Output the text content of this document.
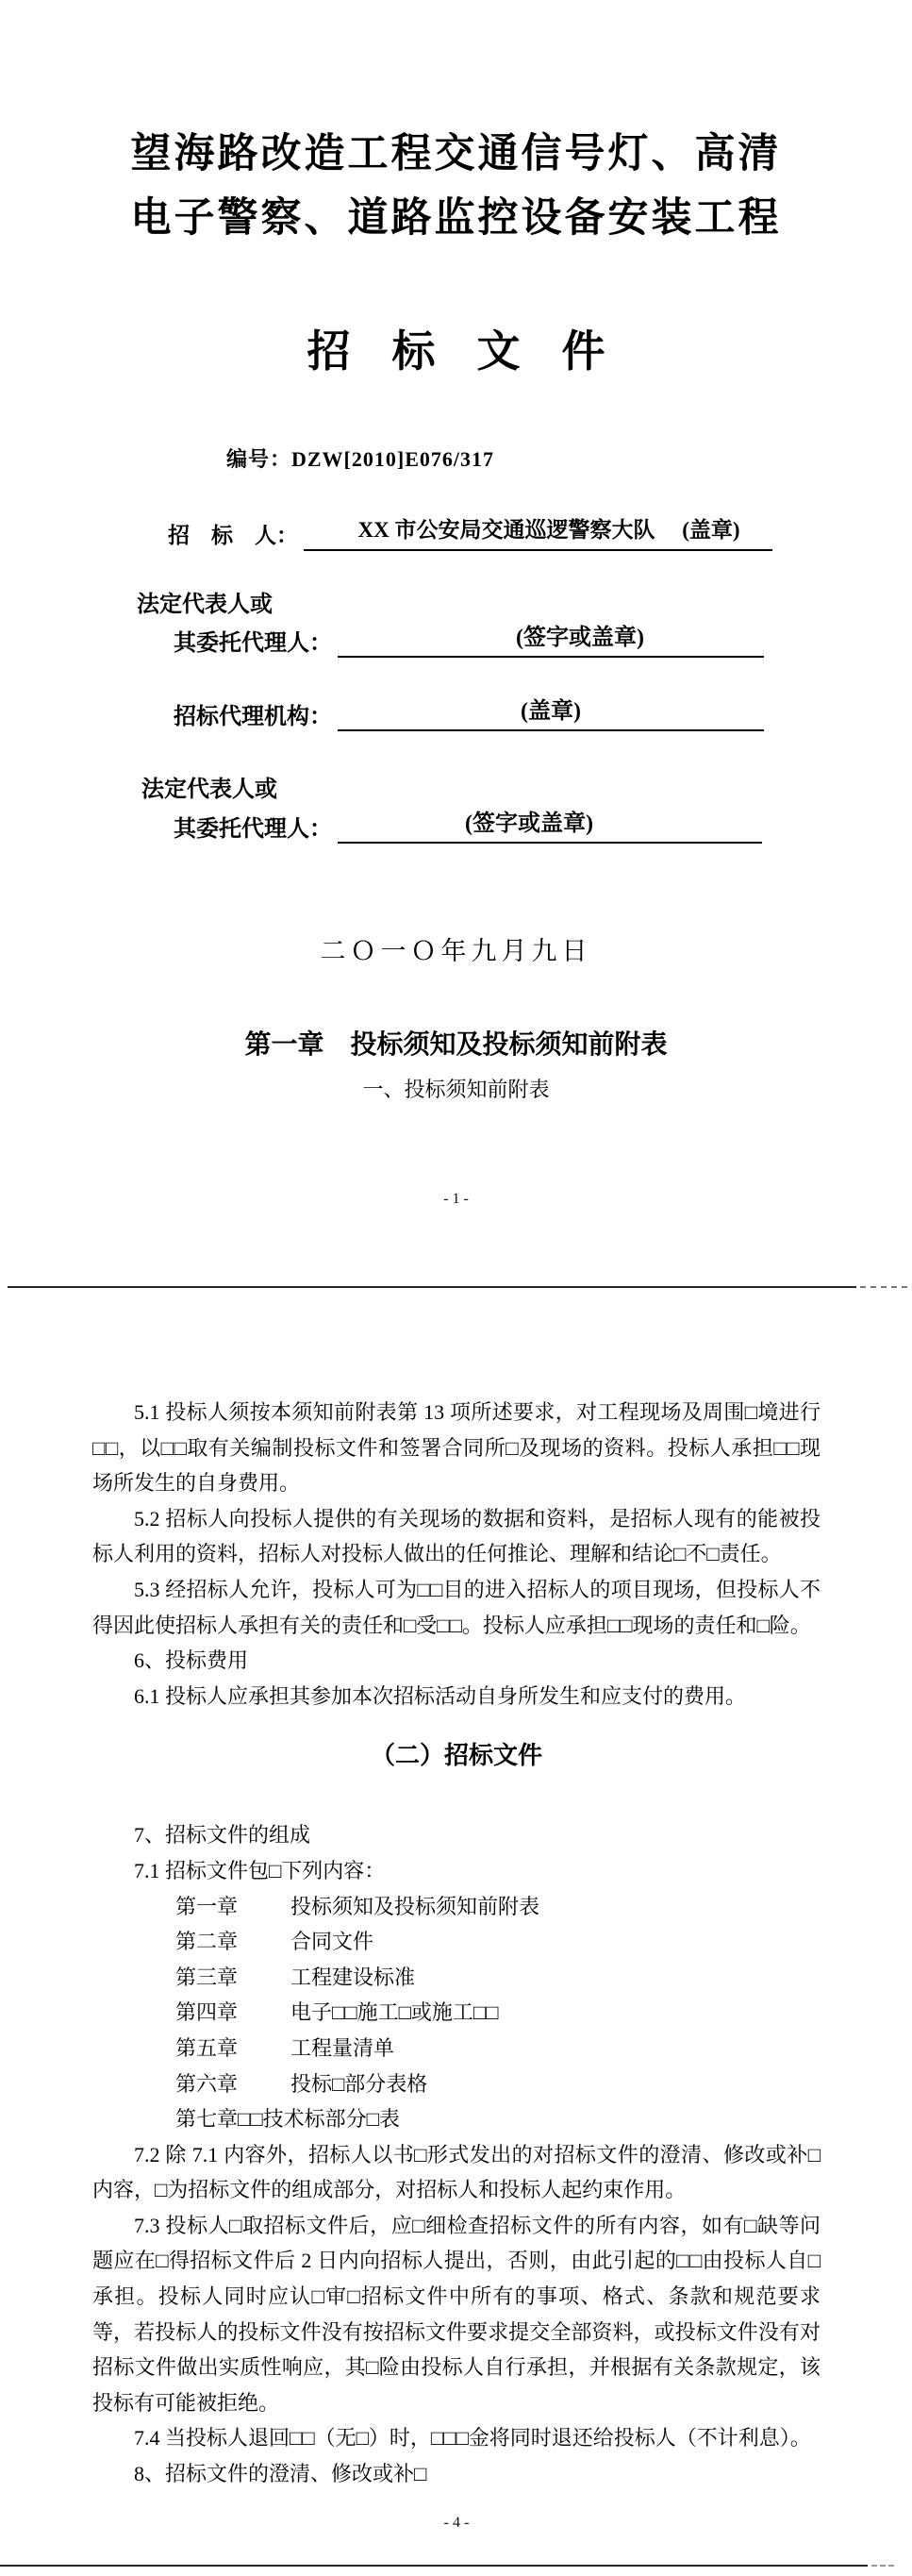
望海路改造工程交通信号灯、高清
电子警察、道路监控设备安装工程
招标文件
编号：DZW[2010]E076/317
招　标　人：　XX 市公安局交通巡逻警察大队　 (盖章)
法定代表人或
其委托代理人：	(签字或盖章)
招标代理机构：	(盖章)
法定代表人或
其委托代理人：	(签字或盖章)
二Ｏ一Ｏ年九月九日
第一章　投标须知及投标须知前附表
一、投标须知前附表
- 1 -

5.1 投标人须按本须知前附表第 13 项所述要求，对工程现场及周围□境进行□□，以□□取有关编制投标文件和签署合同所□及现场的资料。投标人承担□□现场所发生的自身费用。

5.2 招标人向投标人提供的有关现场的数据和资料，是招标人现有的能被投标人利用的资料，招标人对投标人做出的任何推论、理解和结论□不□责任。

5.3 经招标人允许，投标人可为□□目的进入招标人的项目现场，但投标人不得因此使招标人承担有关的责任和□受□□。投标人应承担□□现场的责任和□险。

6、投标费用

6.1 投标人应承担其参加本次招标活动自身所发生和应支付的费用。

（二）招标文件

7、招标文件的组成

7.1 招标文件包□下列内容：

第一章	投标须知及投标须知前附表
第二章	合同文件
第三章	工程建设标准
第四章	电子□□施工□或施工□□
第五章	工程量清单
第六章	投标□部分表格
第七章□□技术标部分□表

7.2 除 7.1 内容外，招标人以书□形式发出的对招标文件的澄清、修改或补□内容，□为招标文件的组成部分，对招标人和投标人起约束作用。

7.3 投标人□取招标文件后，应□细检查招标文件的所有内容，如有□缺等问题应在□得招标文件后 2 日内向招标人提出，否则，由此引起的□□由投标人自□承担。投标人同时应认□审□招标文件中所有的事项、格式、条款和规范要求等，若投标人的投标文件没有按招标文件要求提交全部资料，或投标文件没有对招标文件做出实质性响应，其□险由投标人自行承担，并根据有关条款规定，该投标有可能被拒绝。

7.4 当投标人退回□□（无□）时，□□□金将同时退还给投标人（不计利息）。

8、招标文件的澄清、修改或补□

- 4 -
